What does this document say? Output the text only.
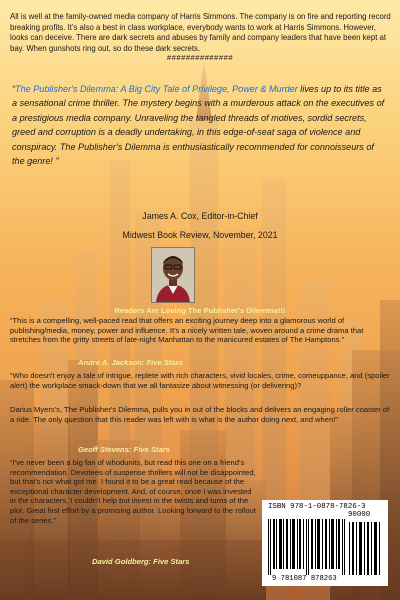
All is well at the family-owned media company of Harris Simmons. The company is on fire and reporting record breaking profits. It's also a best in class workplace, everybody wants to work at Harris Simmons. However, looks can deceive. There are dark secrets and abuses by family and company leaders that have been kept at bay. When gunshots ring out, so do these dark secrets.
##############
“The Publisher's Dilemma: A Big City Tale of Privilege, Power & Murder lives up to its title as a sensational crime thriller. The mystery begins with a murderous attack on the executives of a prestigious media company. Unraveling the tangled threads of motives, sordid secrets, greed and corruption is a deadly undertaking, in this edge-of-seat saga of violence and conspiracy. The Publisher's Dilemma is enthusiastically recommended for connoisseurs of the genre! ”
James A. Cox, Editor-in-Chief
Midwest Book Review, November, 2021
Readers Are Loving The Publisher's Dilemma!!!
“This is a compelling, well-paced read that offers an exciting journey deep into a glamorous world of publishing/media, money, power and influence. It's a nicely written tale, woven around a crime drama that stretches from the gritty streets of late-night Manhattan to the manicured estates of The Hamptons.”
Andre A. Jackson: Five Stars
“Who doesn't enjoy a tale of intrigue, replete with rich characters, vivid locales, crime, comeuppance, and (spoiler alert) the workplace smack-down that we all fantasize about witnessing (or delivering)?
Darius Myers's, The Publisher's Dilemma, pulls you in out of the blocks and delivers an engaging roller coaster of a ride. The only question that this reader was left with is what is the author doing next, and when!”
Geoff Stevens: Five Stars
“I've never been a big fan of whodunits, but read this one on a friend's recommendation. Devotees of suspense thrillers will not be disappointed, but that's not what got me. I found it to be a great read because of the exceptional character development. And, of course, once I was invested in the characters, I couldn't help but invest in the twists and turns of the plot. Great first effort by a promising author. Looking forward to the rollout of the series.”
David Goldberg: Five Stars
ISBN 978-1-0878-7826-3
90000
9 781087 878263
